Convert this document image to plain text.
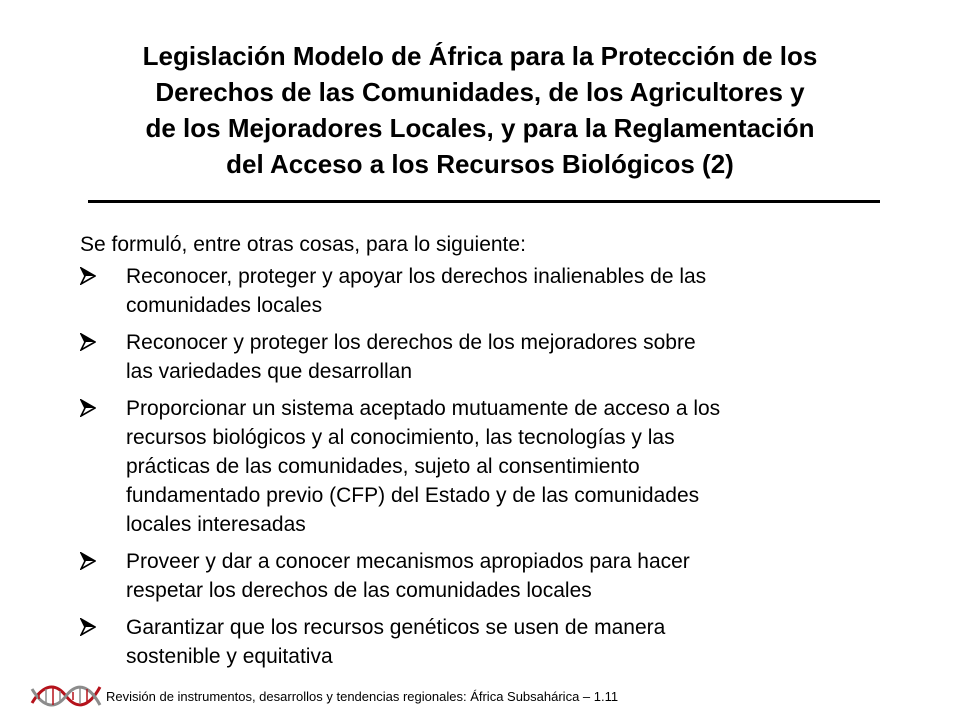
Legislación Modelo de África para la Protección de los
Derechos de las Comunidades, de los Agricultores y
de los Mejoradores Locales, y para la Reglamentación
del Acceso a los Recursos Biológicos (2)
Se formuló, entre otras cosas, para lo siguiente:
Reconocer, proteger y apoyar los derechos inalienables de las
comunidades locales
Reconocer y proteger los derechos de los mejoradores sobre
las variedades que desarrollan
Proporcionar un sistema aceptado mutuamente de acceso a los
recursos biológicos y al conocimiento, las tecnologías y las
prácticas de las comunidades, sujeto al consentimiento
fundamentado previo (CFP) del Estado y de las comunidades
locales interesadas
Proveer y dar a conocer mecanismos apropiados para hacer
respetar los derechos de las comunidades locales
Garantizar que los recursos genéticos se usen de manera
sostenible y equitativa
Revisión de instrumentos, desarrollos y tendencias regionales: África Subsahárica – 1.11
